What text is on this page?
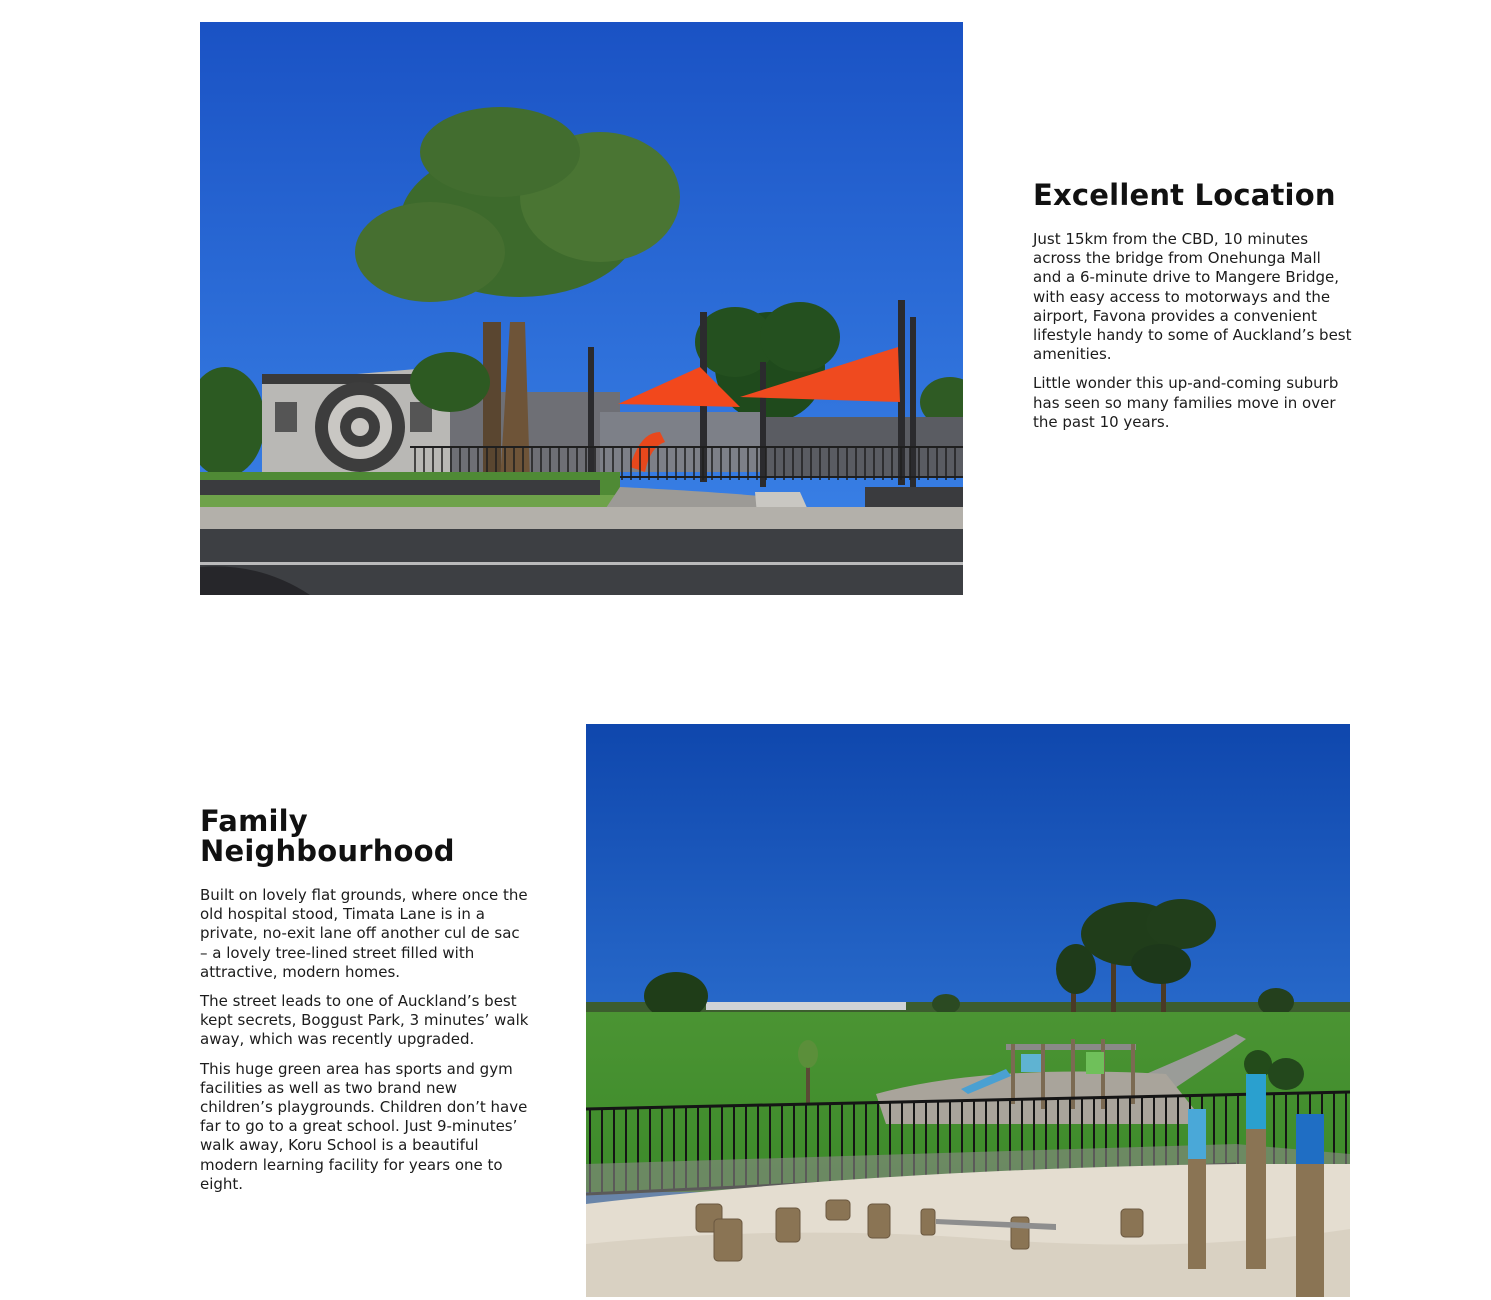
Excellent Location

Just 15km from the CBD, 10 minutes across the bridge from Onehunga Mall and a 6-minute drive to Mangere Bridge, with easy access to motorways and the airport, Favona provides a convenient lifestyle handy to some of Auckland’s best amenities.

Little wonder this up-and-coming suburb has seen so many families move in over the past 10 years.

Family Neighbourhood

Built on lovely flat grounds, where once the old hospital stood, Timata Lane is in a private, no-exit lane off another cul de sac – a lovely tree-lined street filled with attractive, modern homes.

The street leads to one of Auckland’s best kept secrets, Boggust Park, 3 minutes’ walk away, which was recently upgraded.

This huge green area has sports and gym facilities as well as two brand new children’s playgrounds. Children don’t have far to go to a great school. Just 9-minutes’ walk away, Koru School is a beautiful modern learning facility for years one to eight.
